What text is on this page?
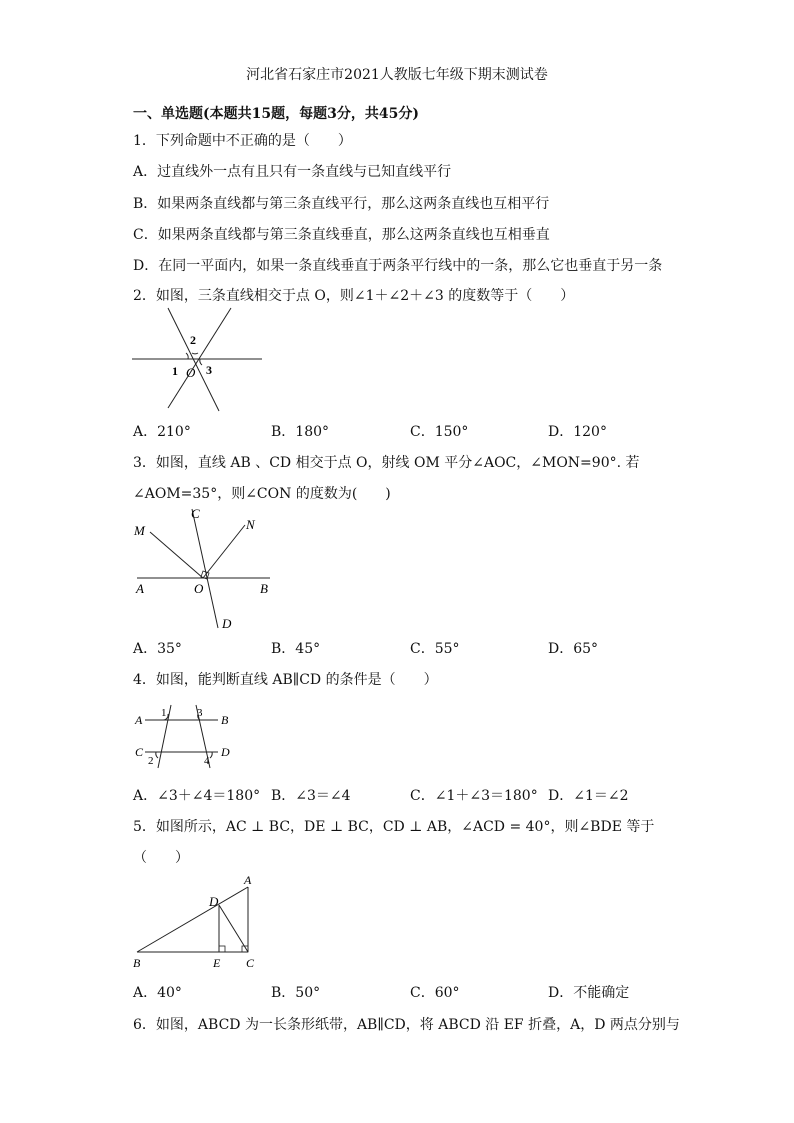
河北省石家庄市2021人教版七年级下期末测试卷
一、单选题(本题共15题，每题3分，共45分)
1．下列命题中不正确的是（　　）
A．过直线外一点有且只有一条直线与已知直线平行
B．如果两条直线都与第三条直线平行，那么这两条直线也互相平行
C．如果两条直线都与第三条直线垂直，那么这两条直线也互相垂直
D．在同一平面内，如果一条直线垂直于两条平行线中的一条，那么它也垂直于另一条
2．如图，三条直线相交于点 O，则∠1＋∠2＋∠3 的度数等于（　　）
1
2
3
O
A．210°	B．180°	C．150°	D．120°
3．如图，直线 AB 、CD 相交于点 O，射线 OM 平分∠AOC，∠MON=90°. 若
∠AOM=35°，则∠CON 的度数为(　　)
M
C
N
A	O	B
D
A．35°	B．45°	C．55°	D．65°
4．如图，能判断直线 AB∥CD 的条件是（　　）
A	B
C	D
1	3
2	4
A．∠3＋∠4＝180° B．∠3＝∠4	C．∠1＋∠3＝180° D．∠1＝∠2
5．如图所示，AC ⊥ BC，DE ⊥ BC，CD ⊥ AB，∠ACD = 40°，则∠BDE 等于
（　　）
A
D
B	E C
A．40°	B．50°	C．60°	D．不能确定
6．如图，ABCD 为一长条形纸带，AB∥CD，将 ABCD 沿 EF 折叠，A，D 两点分别与
